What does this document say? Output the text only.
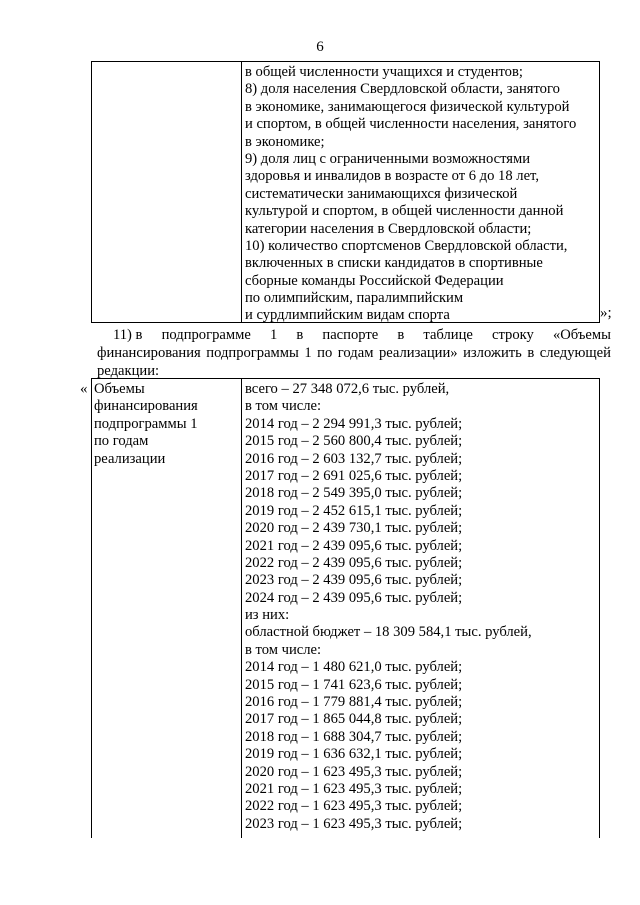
6
в общей численности учащихся и студентов;
8) доля населения Свердловской области, занятого
в экономике, занимающегося физической культурой
и спортом, в общей численности населения, занятого
в экономике;
9) доля лиц с ограниченными возможностями
здоровья и инвалидов в возрасте от 6 до 18 лет,
систематически занимающихся физической
культурой и спортом, в общей численности данной
категории населения в Свердловской области;
10) количество спортсменов Свердловской области,
включенных в списки кандидатов в спортивные
сборные команды Российской Федерации
по олимпийским, паралимпийским
и сурдлимпийским видам спорта	»;
11) в подпрограмме 1 в паспорте в таблице строку «Объемы
финансирования подпрограммы 1 по годам реализации» изложить в следующей
редакции:
« Объемы
финансирования
подпрограммы 1
по годам
реализации
всего – 27 348 072,6 тыс. рублей,
в том числе:
2014 год – 2 294 991,3 тыс. рублей;
2015 год – 2 560 800,4 тыс. рублей;
2016 год – 2 603 132,7 тыс. рублей;
2017 год – 2 691 025,6 тыс. рублей;
2018 год – 2 549 395,0 тыс. рублей;
2019 год – 2 452 615,1 тыс. рублей;
2020 год – 2 439 730,1 тыс. рублей;
2021 год – 2 439 095,6 тыс. рублей;
2022 год – 2 439 095,6 тыс. рублей;
2023 год – 2 439 095,6 тыс. рублей;
2024 год – 2 439 095,6 тыс. рублей;
из них:
областной бюджет – 18 309 584,1 тыс. рублей,
в том числе:
2014 год – 1 480 621,0 тыс. рублей;
2015 год – 1 741 623,6 тыс. рублей;
2016 год – 1 779 881,4 тыс. рублей;
2017 год – 1 865 044,8 тыс. рублей;
2018 год – 1 688 304,7 тыс. рублей;
2019 год – 1 636 632,1 тыс. рублей;
2020 год – 1 623 495,3 тыс. рублей;
2021 год – 1 623 495,3 тыс. рублей;
2022 год – 1 623 495,3 тыс. рублей;
2023 год – 1 623 495,3 тыс. рублей;
